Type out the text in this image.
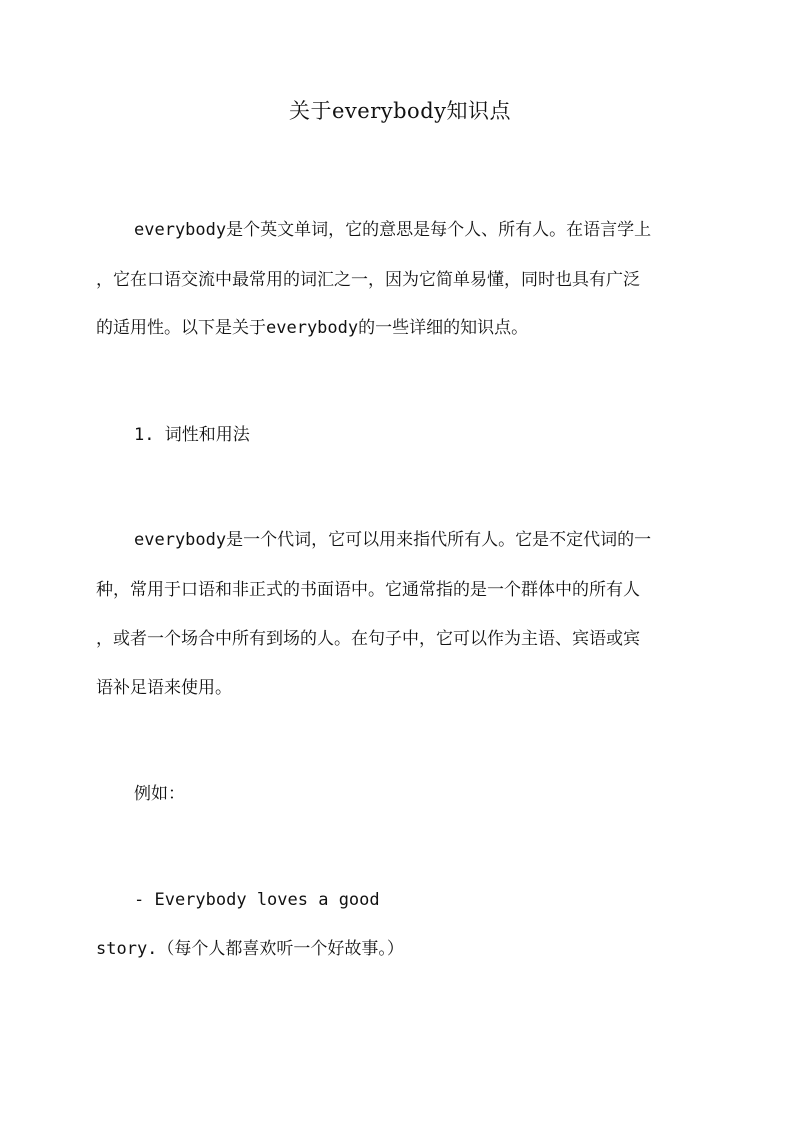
关于everybody知识点
everybody是个英文单词，它的意思是每个人、所有人。在语言学上
，它在口语交流中最常用的词汇之一，因为它简单易懂，同时也具有广泛
的适用性。以下是关于everybody的一些详细的知识点。
1. 词性和用法
everybody是一个代词，它可以用来指代所有人。它是不定代词的一
种，常用于口语和非正式的书面语中。它通常指的是一个群体中的所有人
，或者一个场合中所有到场的人。在句子中，它可以作为主语、宾语或宾
语补足语来使用。
例如：
- Everybody loves a good
story.（每个人都喜欢听一个好故事。）
